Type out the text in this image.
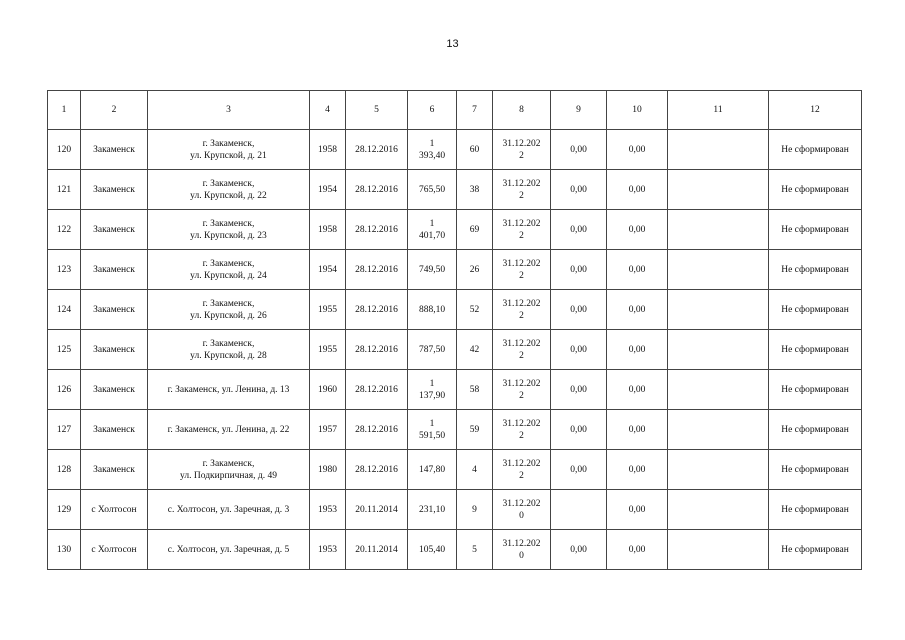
13
1	2	3	4	5	6	7	8	9	10	11	12
120	Закаменск	г. Закаменск,
ул. Крупской, д. 21	1958	28.12.2016	1
393,40	60	31.12.202
2	0,00	0,00		Не сформирован
121	Закаменск	г. Закаменск,
ул. Крупской, д. 22	1954	28.12.2016	765,50	38	31.12.202
2	0,00	0,00		Не сформирован
122	Закаменск	г. Закаменск,
ул. Крупской, д. 23	1958	28.12.2016	1
401,70	69	31.12.202
2	0,00	0,00		Не сформирован
123	Закаменск	г. Закаменск,
ул. Крупской, д. 24	1954	28.12.2016	749,50	26	31.12.202
2	0,00	0,00		Не сформирован
124	Закаменск	г. Закаменск,
ул. Крупской, д. 26	1955	28.12.2016	888,10	52	31.12.202
2	0,00	0,00		Не сформирован
125	Закаменск	г. Закаменск,
ул. Крупской, д. 28	1955	28.12.2016	787,50	42	31.12.202
2	0,00	0,00		Не сформирован
126	Закаменск	г. Закаменск, ул. Ленина, д. 13	1960	28.12.2016	1
137,90	58	31.12.202
2	0,00	0,00		Не сформирован
127	Закаменск	г. Закаменск, ул. Ленина, д. 22	1957	28.12.2016	1
591,50	59	31.12.202
2	0,00	0,00		Не сформирован
128	Закаменск	г. Закаменск,
ул. Подкирпичная, д. 49	1980	28.12.2016	147,80	4	31.12.202
2	0,00	0,00		Не сформирован
129	с Холтосон	с. Холтосон, ул. Заречная, д. 3	1953	20.11.2014	231,10	9	31.12.202
0		0,00		Не сформирован
130	с Холтосон	с. Холтосон, ул. Заречная, д. 5	1953	20.11.2014	105,40	5	31.12.202
0	0,00	0,00		Не сформирован
